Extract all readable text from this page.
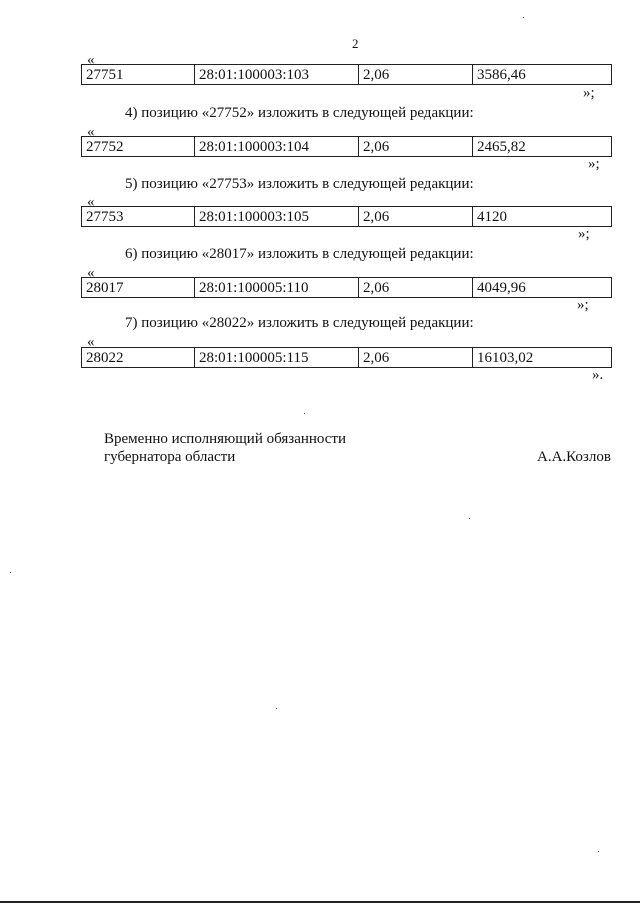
2
«
27751	28:01:100003:103	2,06	3586,46
»;
4) позицию «27752» изложить в следующей редакции:
«
27752	28:01:100003:104	2,06	2465,82
»;
5) позицию «27753» изложить в следующей редакции:
«
27753	28:01:100003:105	2,06	4120
»;
6) позицию «28017» изложить в следующей редакции:
«
28017	28:01:100005:110	2,06	4049,96
»;
7) позицию «28022» изложить в следующей редакции:
«
28022	28:01:100005:115	2,06	16103,02
».
Временно исполняющий обязанности
губернатора области	А.А.Козлов
